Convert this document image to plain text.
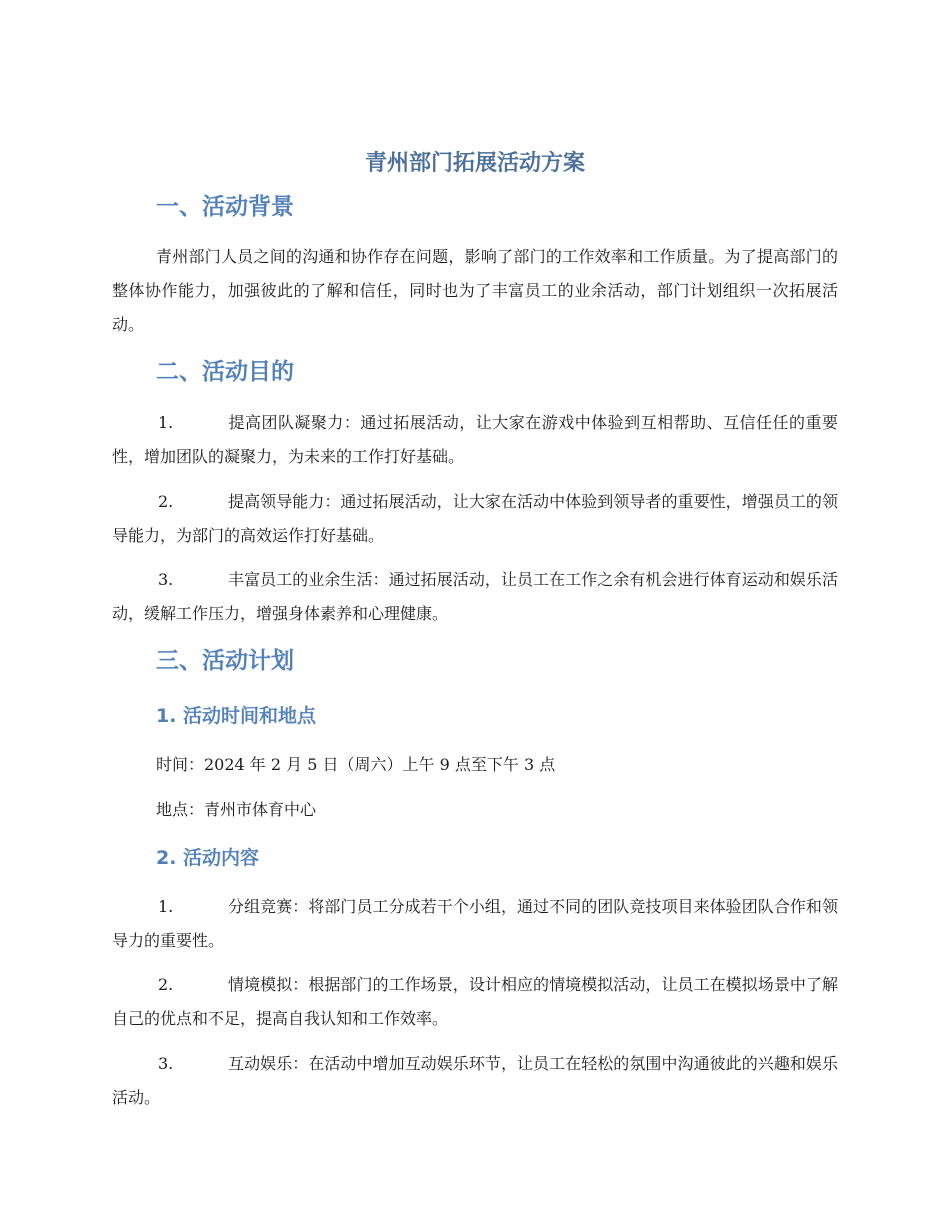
青州部门拓展活动方案
一、活动背景

青州部门人员之间的沟通和协作存在问题，影响了部门的工作效率和工作质量。为了提高部门的整体协作能力，加强彼此的了解和信任，同时也为了丰富员工的业余活动，部门计划组织一次拓展活动。

二、活动目的

1.	提高团队凝聚力：通过拓展活动，让大家在游戏中体验到互相帮助、互信任任的重要性，增加团队的凝聚力，为未来的工作打好基础。

2.	提高领导能力：通过拓展活动，让大家在活动中体验到领导者的重要性，增强员工的领导能力，为部门的高效运作打好基础。

3.	丰富员工的业余生活：通过拓展活动，让员工在工作之余有机会进行体育运动和娱乐活动，缓解工作压力，增强身体素养和心理健康。

三、活动计划
1. 活动时间和地点

时间：2024 年 2 月 5 日（周六）上午 9 点至下午 3 点

地点：青州市体育中心

2. 活动内容

1.	分组竞赛：将部门员工分成若干个小组，通过不同的团队竞技项目来体验团队合作和领导力的重要性。

2.	情境模拟：根据部门的工作场景，设计相应的情境模拟活动，让员工在模拟场景中了解自己的优点和不足，提高自我认知和工作效率。

3.	互动娱乐：在活动中增加互动娱乐环节，让员工在轻松的氛围中沟通彼此的兴趣和娱乐活动。
